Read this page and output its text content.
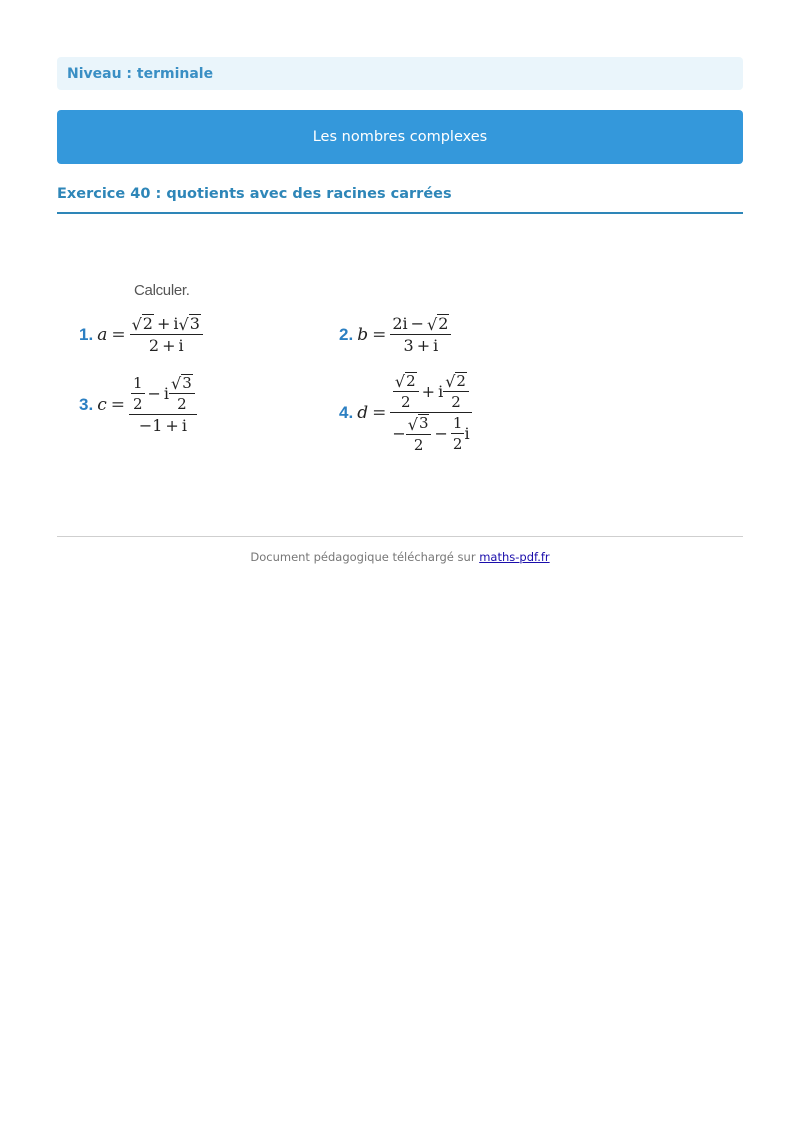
Niveau : terminale
Les nombres complexes
Exercice 40 : quotients avec des racines carrées
Calculer.
1. $a = \frac{√ 2 + i √ 3}{2 + i}$	2. $b = \frac{2i - √ 2}{3 + i}$
3. $c = \frac{\frac{1}{2} - i \frac{√ 3}{2}}{-1 + i}$	4. d =
$\frac{√ 2}{2} + i \frac{√ 2}{2}$
− $\frac{√ 3}{2} - \frac{1}{2}$ i
Document pédagogique téléchargé sur maths-pdf.fr
